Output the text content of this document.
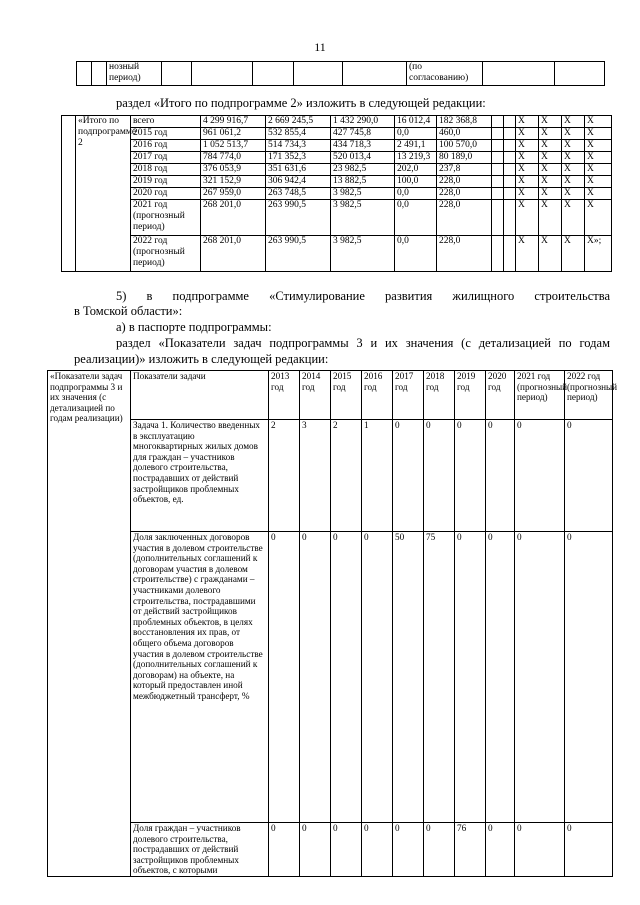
11
		нозный период)						(по согласованию)		
раздел «Итого по подпрограмме 2» изложить в следующей редакции:
	«Итого по подпрограмме 2	всего	4 299 916,7	2 669 245,5	1 432 290,0	16 012,4	182 368,8			Х	Х	Х	Х
		2015 год	961 061,2	532 855,4	427 745,8	0,0	460,0			Х	Х	Х	Х
		2016 год	1 052 513,7	514 734,3	434 718,3	2 491,1	100 570,0			Х	Х	Х	Х
		2017 год	784 774,0	171 352,3	520 013,4	13 219,3	80 189,0			Х	Х	Х	Х
		2018 год	376 053,9	351 631,6	23 982,5	202,0	237,8			Х	Х	Х	Х
		2019 год	321 152,9	306 942,4	13 882,5	100,0	228,0			Х	Х	Х	Х
		2020 год	267 959,0	263 748,5	3 982,5	0,0	228,0			Х	Х	Х	Х
		2021 год (прогнозный период)	268 201,0	263 990,5	3 982,5	0,0	228,0			Х	Х	Х	Х
		2022 год (прогнозный период)	268 201,0	263 990,5	3 982,5	0,0	228,0			Х	Х	Х	Х»;
5) в подпрограмме «Стимулирование развития жилищного строительства
в Томской области»:
а) в паспорте подпрограммы:
раздел «Показатели задач подпрограммы 3 и их значения (с детализацией по годам
реализации)» изложить в следующей редакции:
«Показатели задач подпрограммы 3 и их значения (с детализацией по годам реализации)	Показатели задачи	2013 год	2014 год	2015 год	2016 год	2017 год	2018 год	2019 год	2020 год	2021 год (прогнозный период)	2022 год (прогнозный период)
	Задача 1. Количество введенных в эксплуатацию многоквартирных жилых домов для граждан – участников долевого строительства, пострадавших от действий застройщиков проблемных объектов, ед.	2	3	2	1	0	0	0	0	0	0
	Доля заключенных договоров участия в долевом строительстве (дополнительных соглашений к договорам участия в долевом строительстве) с гражданами – участниками долевого строительства, пострадавшими от действий застройщиков проблемных объектов, в целях восстановления их прав, от общего объема договоров участия в долевом строительстве (дополнительных соглашений к договорам) на объекте, на который предоставлен иной межбюджетный трансферт, %	0	0	0	0	50	75	0	0	0	0
	Доля граждан – участников долевого строительства, пострадавших от действий застройщиков проблемных объектов, с которыми	0	0	0	0	0	0	76	0	0	0
